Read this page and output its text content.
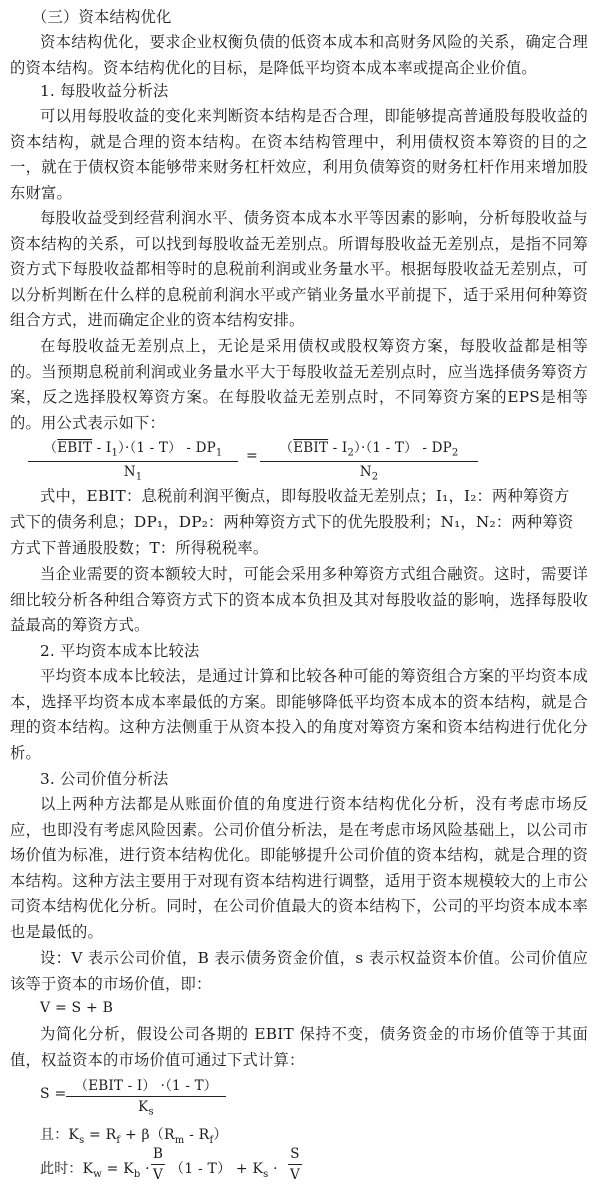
（三）资本结构优化

资本结构优化，要求企业权衡负债的低资本成本和高财务风险的关系，确定合理的资本结构。资本结构优化的目标，是降低平均资本成本率或提高企业价值。

1. 每股收益分析法

可以用每股收益的变化来判断资本结构是否合理，即能够提高普通股每股收益的资本结构，就是合理的资本结构。在资本结构管理中，利用债权资本筹资的目的之一，就在于债权资本能够带来财务杠杆效应，利用负债筹资的财务杠杆作用来增加股东财富。

每股收益受到经营利润水平、债务资本成本水平等因素的影响，分析每股收益与资本结构的关系，可以找到每股收益无差别点。所谓每股收益无差别点，是指不同筹资方式下每股收益都相等时的息税前利润或业务量水平。根据每股收益无差别点，可以分析判断在什么样的息税前利润水平或产销业务量水平前提下，适于采用何种筹资组合方式，进而确定企业的资本结构安排。

在每股收益无差别点上，无论是采用债权或股权筹资方案，每股收益都是相等的。当预期息税前利润或业务量水平大于每股收益无差别点时，应当选择债务筹资方案，反之选择股权筹资方案。在每股收益无差别点时，不同筹资方案的EPS是相等的。用公式表示如下：

（EBIT - $I_1)\cdot(1 - T) - DP_1$
$N_1$
=	（EBIT - $I_2)\cdot(1 - T) - DP_2$
$N_2$

式中，EBIT：息税前利润平衡点，即每股收益无差别点；I₁，I₂：两种筹资方

式下的债务利息；DP₁，DP₂：两种筹资方式下的优先股股利；N₁，N₂：两种筹资

方式下普通股股数；T：所得税税率。

当企业需要的资本额较大时，可能会采用多种筹资方式组合融资。这时，需要详细比较分析各种组合筹资方式下的资本成本负担及其对每股收益的影响，选择每股收益最高的筹资方式。

2. 平均资本成本比较法

平均资本成本比较法，是通过计算和比较各种可能的筹资组合方案的平均资本成本，选择平均资本成本率最低的方案。即能够降低平均资本成本的资本结构，就是合理的资本结构。这种方法侧重于从资本投入的角度对筹资方案和资本结构进行优化分析。

3. 公司价值分析法

以上两种方法都是从账面价值的角度进行资本结构优化分析，没有考虑市场反应，也即没有考虑风险因素。公司价值分析法，是在考虑市场风险基础上，以公司市场价值为标准，进行资本结构优化。即能够提升公司价值的资本结构，就是合理的资本结构。这种方法主要用于对现有资本结构进行调整，适用于资本规模较大的上市公司资本结构优化分析。同时，在公司价值最大的资本结构下，公司的平均资本成本率也是最低的。

设：V 表示公司价值，B 表示债务资金价值，s 表示权益资本价值。公司价值应该等于资本的市场价值，即：

V = S + B

为简化分析，假设公司各期的 EBIT 保持不变，债务资金的市场价值等于其面值，权益资本的市场价值可通过下式计算：

S = （EBIT - I） ·（1 - T）
$K_s$
且：$K_s = R_f + \beta(R_m - R_f)$
此时：$K_w = K_b \cdot \frac{B}{V} (1 - T) + K_s \cdot \frac{S}{V}$
